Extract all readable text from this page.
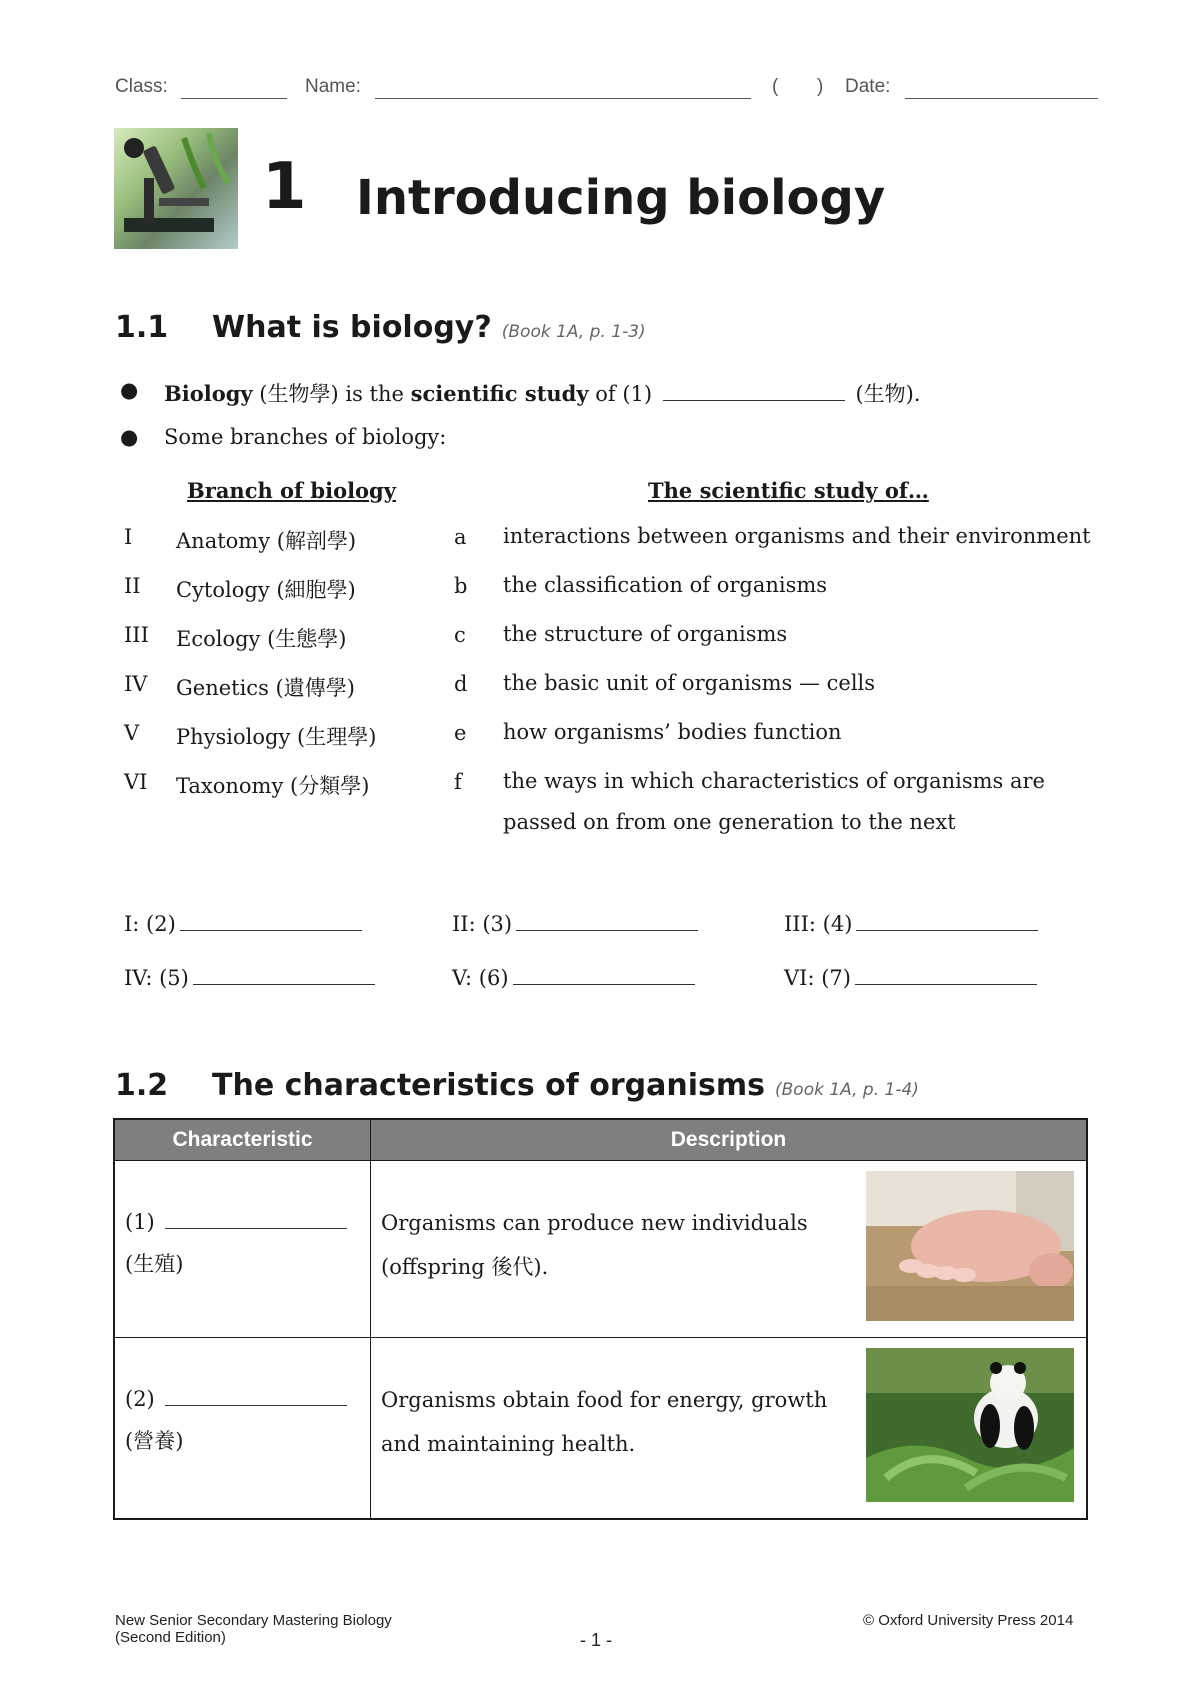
Class:	Name:	( ) Date:
1 Introducing biology
1.1 What is biology? (Book 1A, p. 1-3)
● Biology (生物學) is the scientific study of (1)	(生物).
● Some branches of biology:
Branch of biology	The scientific study of…
I Anatomy (解剖學)	a interactions between organisms and their environment
II Cytology (細胞學)	b the classification of organisms
III Ecology (生態學)	c the structure of organisms
IV Genetics (遺傳學)	d the basic unit of organisms — cells
V Physiology (生理學)	e how organisms’ bodies function
VI Taxonomy (分類學)	f the ways in which characteristics of organisms are passed on from one generation to the next
I: (2)	II: (3)	III: (4)
IV: (5)	V: (6)	VI: (7)
1.2 The characteristics of organisms (Book 1A, p. 1-4)
Characteristic	Description

(1)
(生殖)	Organisms can produce new individuals (offspring 後代).

(2)
(營養)	Organisms obtain food for energy, growth and maintaining health.
New Senior Secondary Mastering Biology
(Second Edition)	- 1 -
© Oxford University Press 2014
